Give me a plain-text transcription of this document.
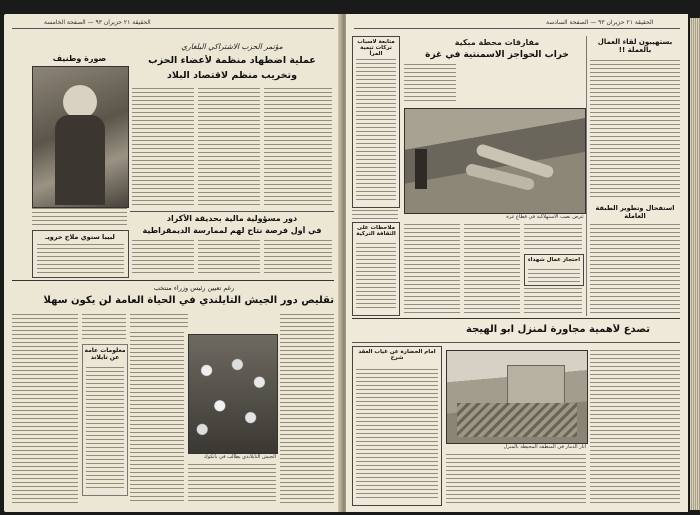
الحقيقة ٢١ حزيران ٩٣ — الصفحة الخامسة
مؤتمر الحزب الاشتراكي البلغاري
عملية اضطهاد منظمة لأعضاء الحزب
وتخريب منظم لاقتصاد البلاد
صورة وطنيف
دور مسؤولية مالية بحديقة الأكراد
في أول فرصة نتاح لهم لممارسة الديمقراطية
لبيبا ستوي ملاح حرويـ
رغم تعيين رئيس وزراء منتخب
تقليص دور الجيش التايلندي في الحياة العامة لن يكون سهلاً
معلومات عامة عن تايلاند
الجيش التايلاندي يطالب في بانكوك
الحقيقة ٢١ حزيران ٩٣ — الصفحة السادسة
متابعة لاسباب تركات تنمية المرأ
مفارقات محطة مبكية
خراب الحواجز الاسمنتية في غزة
عرض نصب الاستهلاكية في قطاع غزة
بستهيبون لقاء العمال بالعملة !!
استفحال وتطوير الطبقة العاملة
ملاحظات على الثقافة التركية
احتجاز عمال شهداء
تصدع لأهمية مجاورة لمنزل ابو الهيجة
أمام الحضارة عن غياب العقد شرح
أثار الدمار في المنطقة المحيطة بالمنزل
